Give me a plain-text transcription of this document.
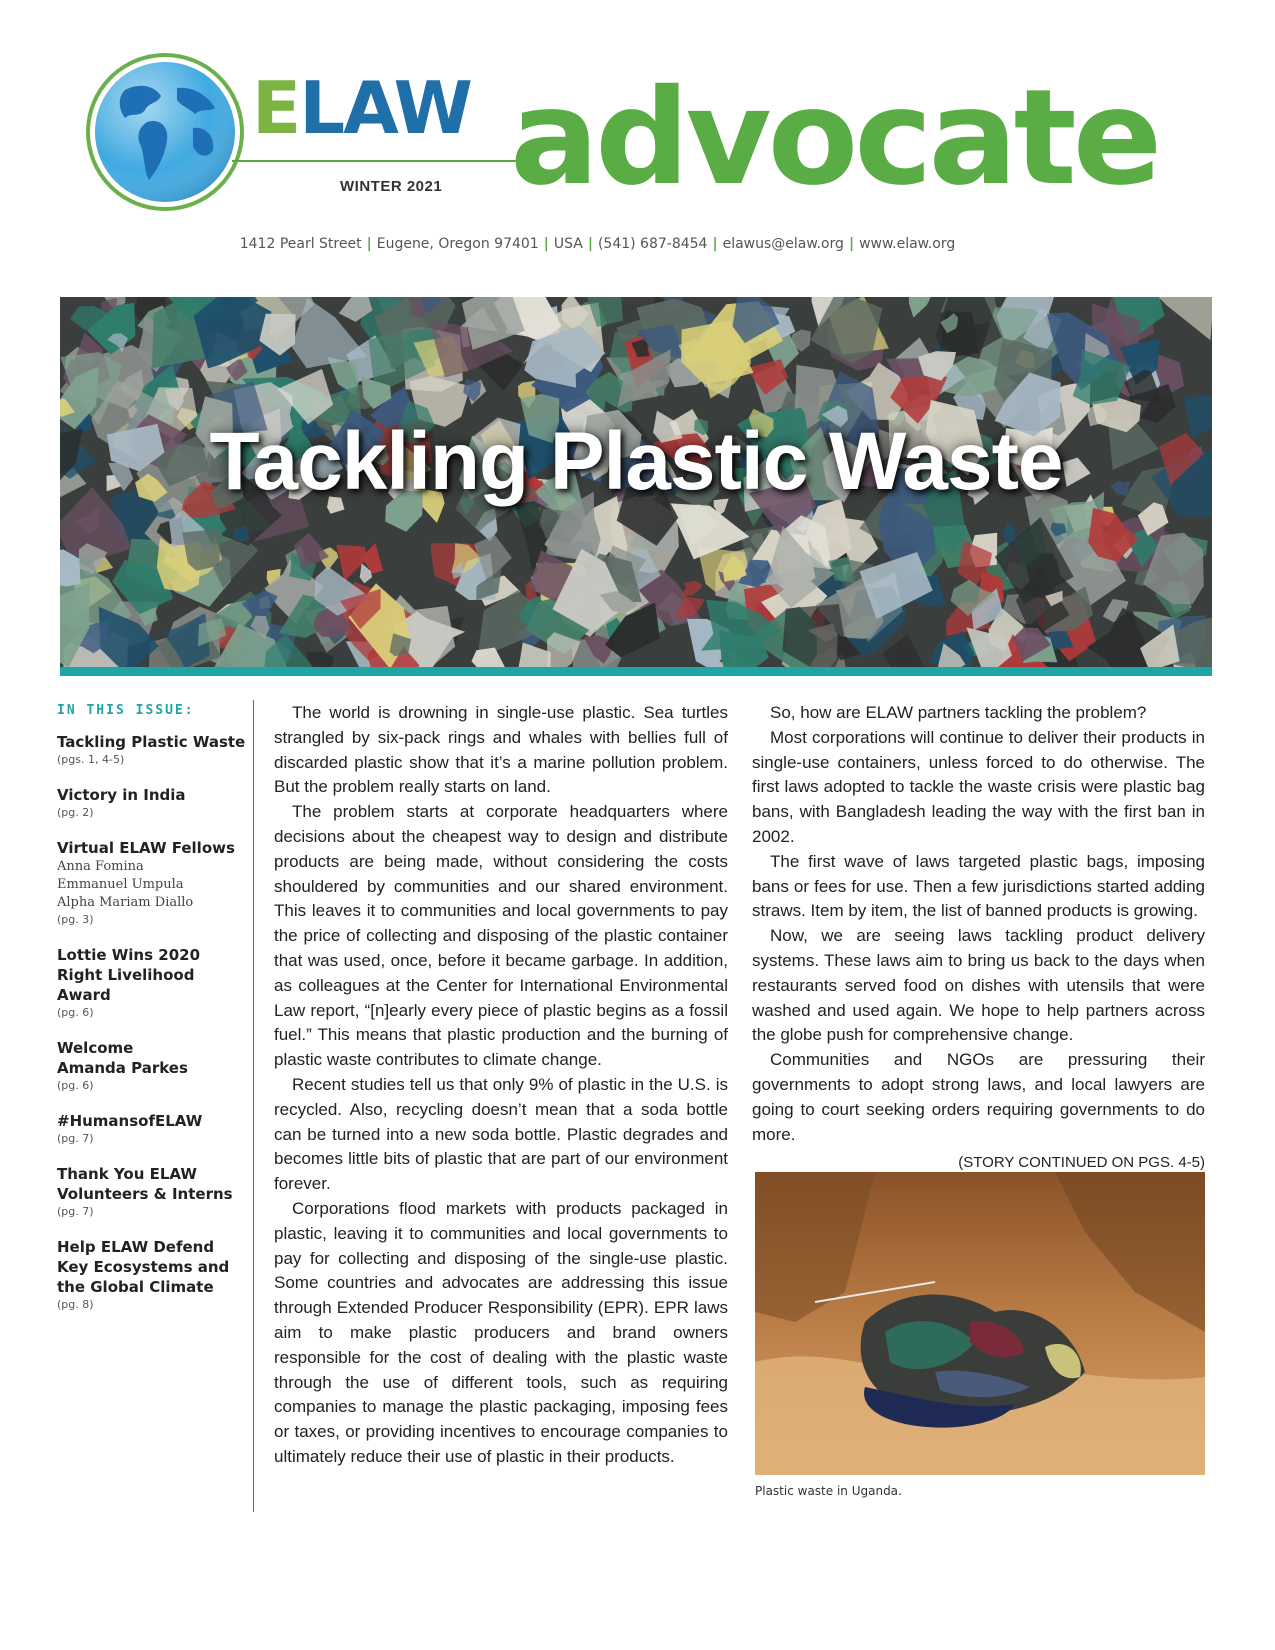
ELAW
WINTER 2021 advocate
1412 Pearl Street | Eugene, Oregon 97401 | USA | (541) 687-8454 | elawus@elaw.org | www.elaw.org
Tackling Plastic Waste
IN THIS ISSUE:
Tackling Plastic Waste
(pgs. 1, 4-5)
Victory in India
(pg. 2)
Virtual ELAW Fellows
Anna Fomina
Emmanuel Umpula
Alpha Mariam Diallo
(pg. 3)
Lottie Wins 2020
Right Livelihood
Award
(pg. 6)
Welcome
Amanda Parkes
(pg. 6)
#HumansofELAW
(pg. 7)
Thank You ELAW
Volunteers & Interns
(pg. 7)
Help ELAW Defend
Key Ecosystems and
the Global Climate
(pg. 8)

The world is drowning in single-use plastic. Sea turtles strangled by six-pack rings and whales with bellies full of discarded plastic show that it’s a marine pollution problem. But the problem really starts on land.

The problem starts at corporate headquarters where decisions about the cheapest way to design and distribute products are being made, without considering the costs shouldered by communities and our shared environment. This leaves it to communities and local governments to pay the price of collecting and disposing of the plastic container that was used, once, before it became garbage. In addition, as colleagues at the Center for International Environmental Law report, “[n]early every piece of plastic begins as a fossil fuel.” This means that plastic production and the burning of plastic waste contributes to climate change.

Recent studies tell us that only 9% of plastic in the U.S. is recycled. Also, recycling doesn’t mean that a soda bottle can be turned into a new soda bottle. Plastic degrades and becomes little bits of plastic that are part of our environment forever.

Corporations flood markets with products packaged in plastic, leaving it to communities and local governments to pay for collecting and disposing of the single-use plastic. Some countries and advocates are addressing this issue through Extended Producer Responsibility (EPR). EPR laws aim to make plastic producers and brand owners responsible for the cost of dealing with the plastic waste through the use of different tools, such as requiring companies to manage the plastic packaging, imposing fees or taxes, or providing incentives to encourage companies to ultimately reduce their use of plastic in their products.

So, how are ELAW partners tackling the problem?

Most corporations will continue to deliver their products in single-use containers, unless forced to do otherwise. The first laws adopted to tackle the waste crisis were plastic bag bans, with Bangladesh leading the way with the first ban in 2002.

The first wave of laws targeted plastic bags, imposing bans or fees for use. Then a few jurisdictions started adding straws. Item by item, the list of banned products is growing.

Now, we are seeing laws tackling product delivery systems. These laws aim to bring us back to the days when restaurants served food on dishes with utensils that were washed and used again. We hope to help partners across the globe push for comprehensive change.

Communities and NGOs are pressuring their governments to adopt strong laws, and local lawyers are going to court seeking orders requiring governments to do more.

(STORY CONTINUED ON PGS. 4-5)

Plastic waste in Uganda.
